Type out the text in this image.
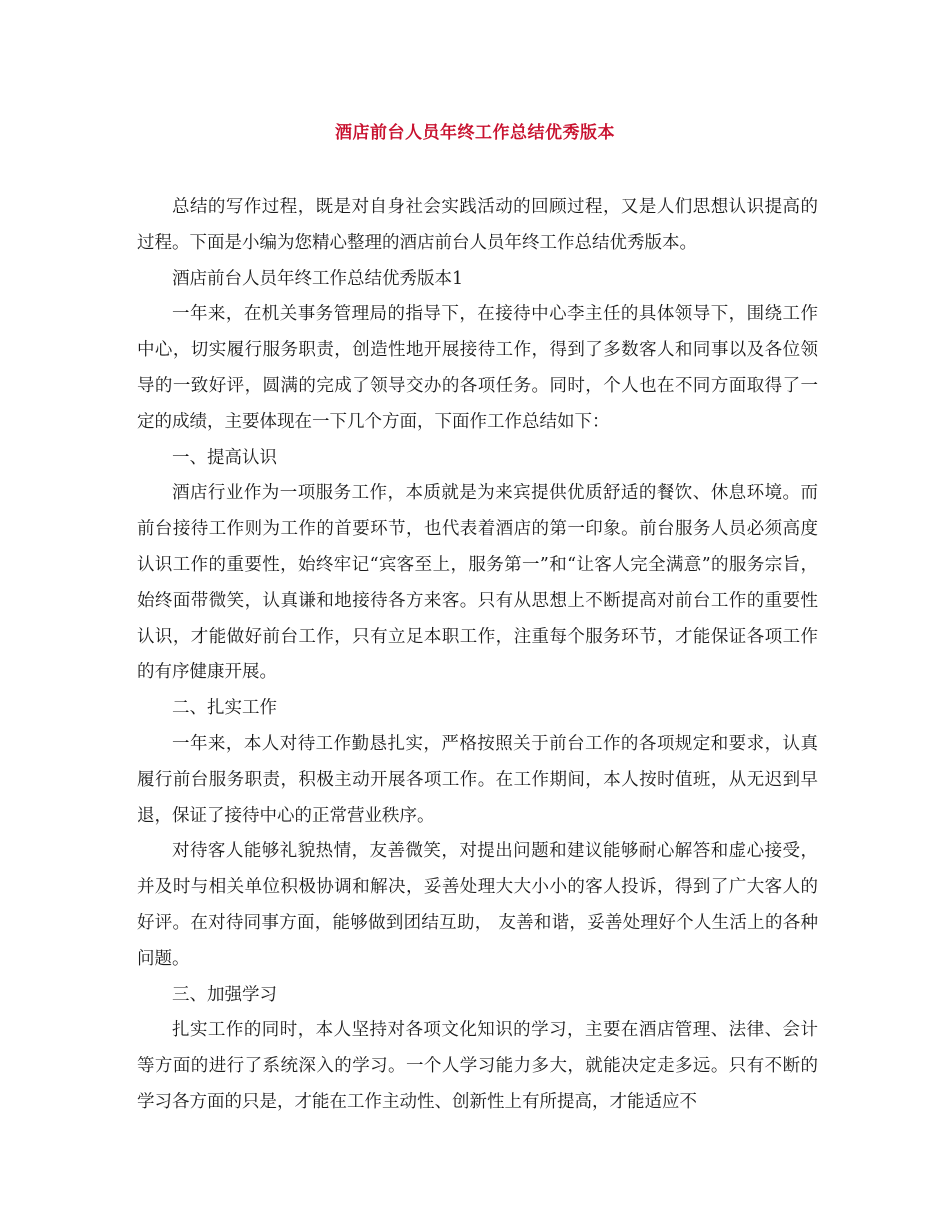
酒店前台人员年终工作总结优秀版本

总结的写作过程，既是对自身社会实践活动的回顾过程，又是人们思想认识提高的过程。下面是小编为您精心整理的酒店前台人员年终工作总结优秀版本。

酒店前台人员年终工作总结优秀版本1

一年来，在机关事务管理局的指导下，在接待中心李主任的具体领导下，围绕工作中心，切实履行服务职责，创造性地开展接待工作，得到了多数客人和同事以及各位领导的一致好评，圆满的完成了领导交办的各项任务。同时，个人也在不同方面取得了一定的成绩，主要体现在一下几个方面，下面作工作总结如下：

一、提高认识

酒店行业作为一项服务工作，本质就是为来宾提供优质舒适的餐饮、休息环境。而前台接待工作则为工作的首要环节，也代表着酒店的第一印象。前台服务人员必须高度认识工作的重要性，始终牢记“宾客至上，服务第一”和“让客人完全满意”的服务宗旨，始终面带微笑，认真谦和地接待各方来客。只有从思想上不断提高对前台工作的重要性认识，才能做好前台工作，只有立足本职工作，注重每个服务环节，才能保证各项工作的有序健康开展。

二、扎实工作

一年来，本人对待工作勤恳扎实，严格按照关于前台工作的各项规定和要求，认真履行前台服务职责，积极主动开展各项工作。在工作期间，本人按时值班，从无迟到早退，保证了接待中心的正常营业秩序。

对待客人能够礼貌热情，友善微笑，对提出问题和建议能够耐心解答和虚心接受，并及时与相关单位积极协调和解决，妥善处理大大小小的客人投诉，得到了广大客人的好评。在对待同事方面，能够做到团结互助， 友善和谐，妥善处理好个人生活上的各种问题。

三、加强学习

扎实工作的同时，本人坚持对各项文化知识的学习，主要在酒店管理、法律、会计等方面的进行了系统深入的学习。一个人学习能力多大，就能决定走多远。只有不断的学习各方面的只是，才能在工作主动性、创新性上有所提高，才能适应不
